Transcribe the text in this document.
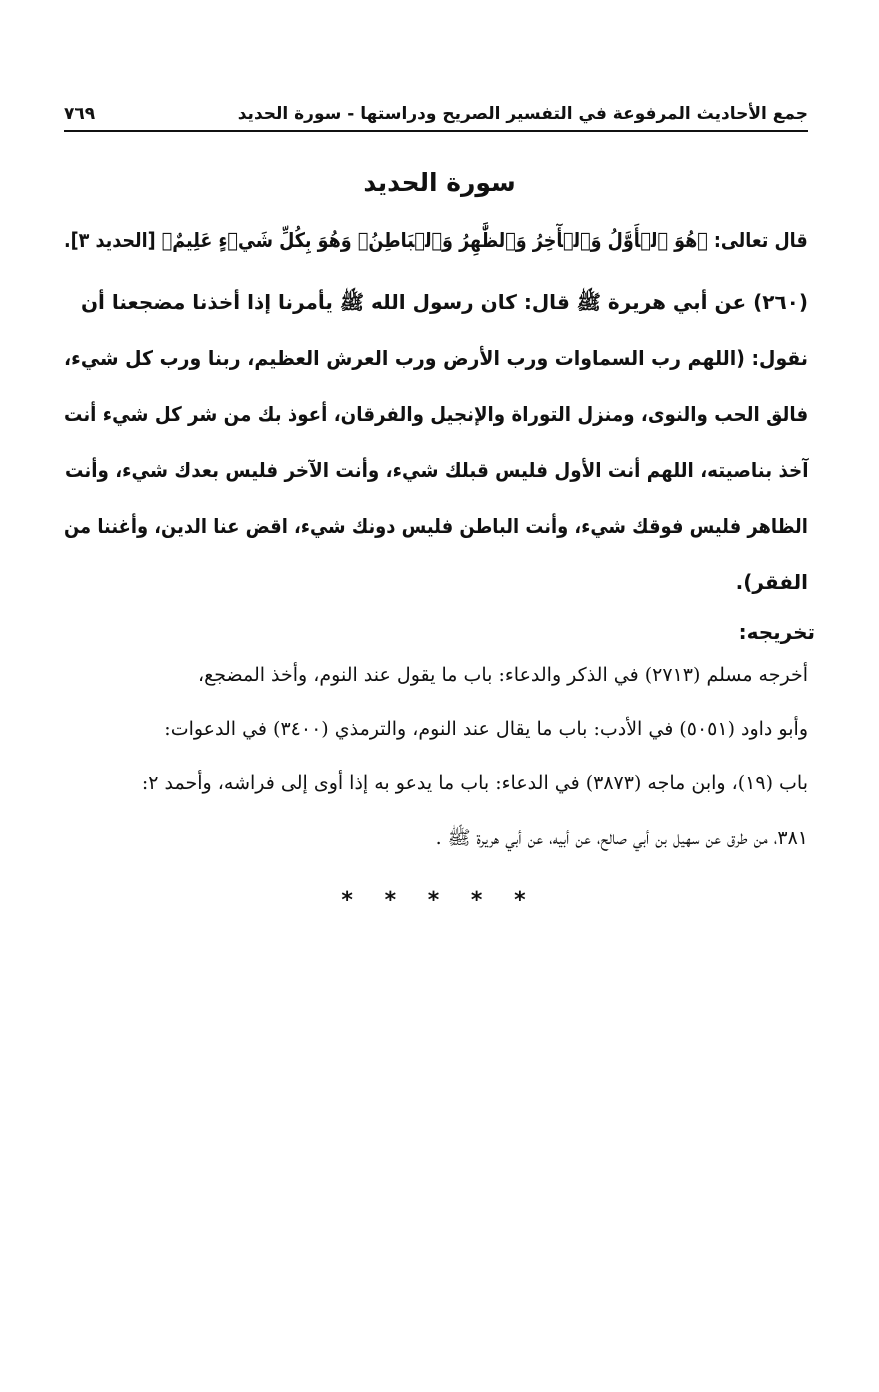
جمع الأحاديث المرفوعة في التفسير الصريح ودراستها - سورة الحديد
٧٦٩
سورة الحديد
قال تعالى: ﴿هُوَ ٱلۡأَوَّلُ وَٱلۡأٓخِرُ وَٱلظَّٰهِرُ وَٱلۡبَاطِنُۖ وَهُوَ بِكُلِّ شَيۡءٍ عَلِيمٌ﴾ [الحديد ٣].
(٢٦٠) عن أبي هريرة ﷺ قال: كان رسول الله ﷺ يأمرنا إذا أخذنا مضجعنا أن
نقول: (اللهم رب السماوات ورب الأرض ورب العرش العظيم، ربنا ورب كل شيء،
فالق الحب والنوى، ومنزل التوراة والإنجيل والفرقان، أعوذ بك من شر كل شيء أنت
آخذ بناصيته، اللهم أنت الأول فليس قبلك شيء، وأنت الآخر فليس بعدك شيء، وأنت
الظاهر فليس فوقك شيء، وأنت الباطن فليس دونك شيء، اقض عنا الدين، وأغننا من
الفقر).
تخريجه:
أخرجه مسلم (٢٧١٣) في الذكر والدعاء: باب ما يقول عند النوم، وأخذ المضجع،
وأبو داود (٥٠٥١) في الأدب: باب ما يقال عند النوم، والترمذي (٣٤٠٠) في الدعوات:
باب (١٩)، وابن ماجه (٣٨٧٣) في الدعاء: باب ما يدعو به إذا أوى إلى فراشه، وأحمد ٢:
٣٨١، من طرق عن سهيل بن أبي صالح، عن أبيه، عن أبي هريرة ﷺ .
* * * * *
